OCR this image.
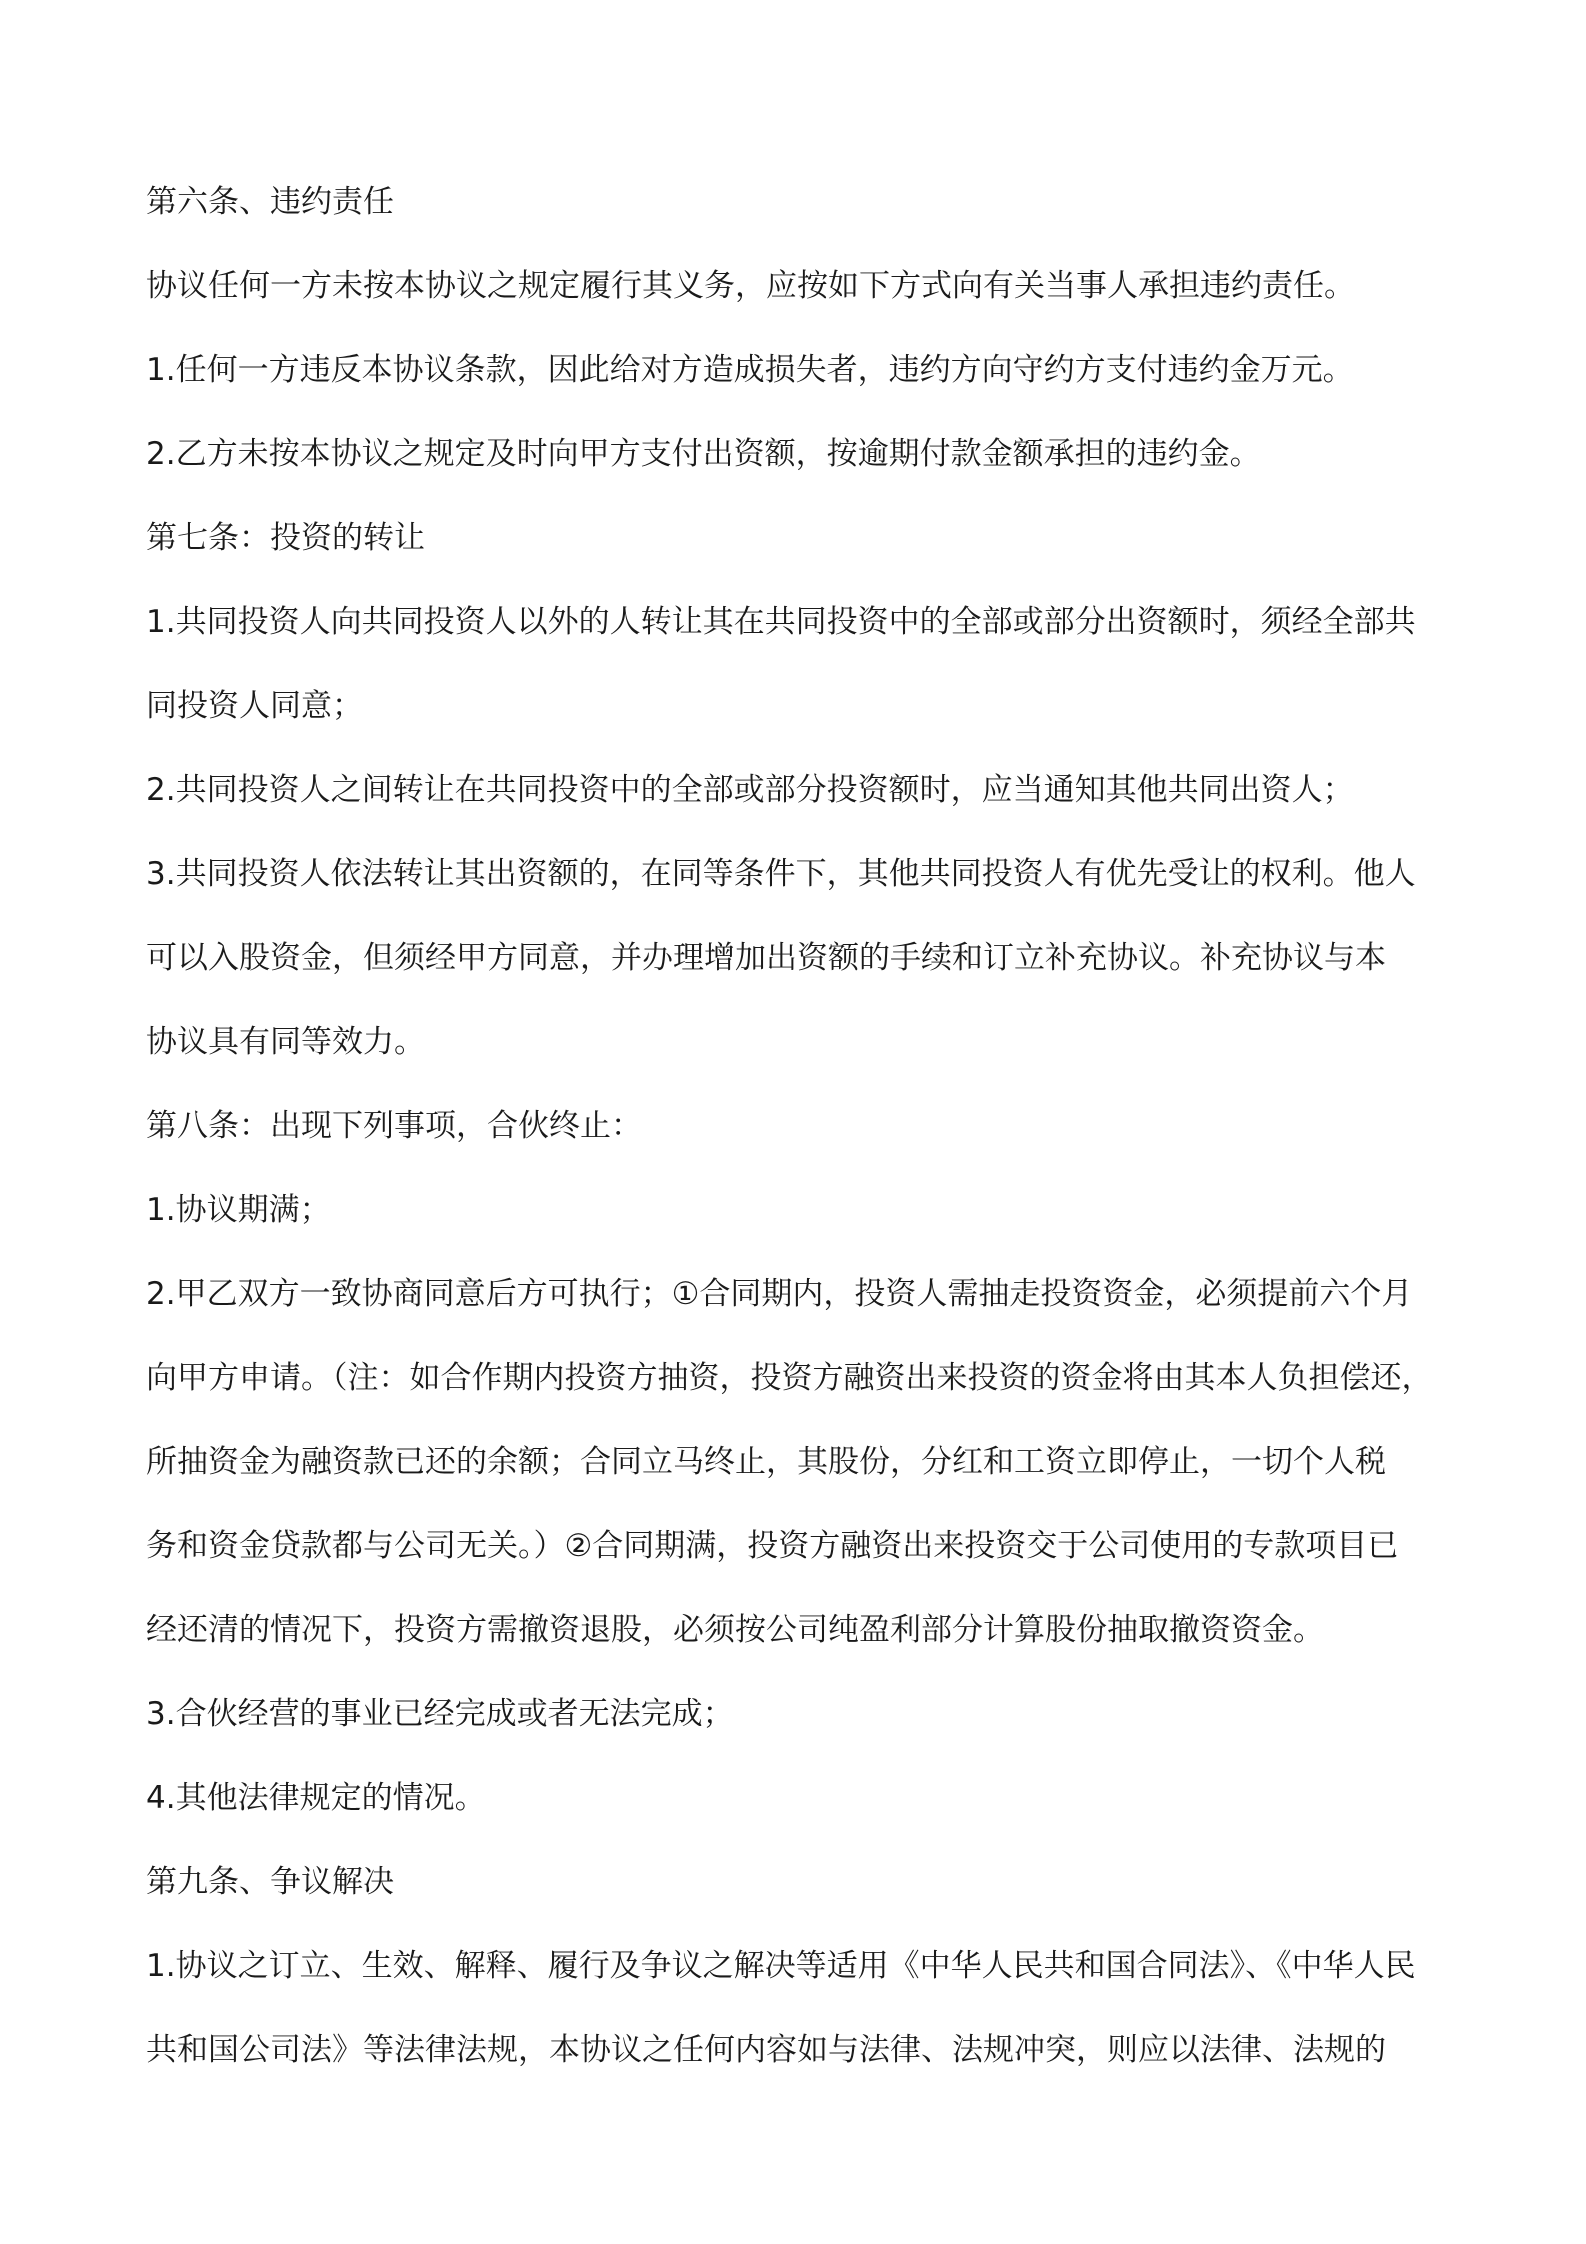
第六条、违约责任
协议任何一方未按本协议之规定履行其义务，应按如下方式向有关当事人承担违约责任。
1.任何一方违反本协议条款，因此给对方造成损失者，违约方向守约方支付违约金万元。
2.乙方未按本协议之规定及时向甲方支付出资额，按逾期付款金额承担的违约金。
第七条：投资的转让
1.共同投资人向共同投资人以外的人转让其在共同投资中的全部或部分出资额时，须经全部共
同投资人同意；
2.共同投资人之间转让在共同投资中的全部或部分投资额时，应当通知其他共同出资人；
3.共同投资人依法转让其出资额的，在同等条件下，其他共同投资人有优先受让的权利。他人
可以入股资金，但须经甲方同意，并办理增加出资额的手续和订立补充协议。补充协议与本
协议具有同等效力。
第八条：出现下列事项，合伙终止：
1.协议期满；
2.甲乙双方一致协商同意后方可执行；①合同期内，投资人需抽走投资资金，必须提前六个月
向甲方申请。（注：如合作期内投资方抽资，投资方融资出来投资的资金将由其本人负担偿还，
所抽资金为融资款已还的余额；合同立马终止，其股份，分红和工资立即停止，一切个人税
务和资金贷款都与公司无关。）②合同期满，投资方融资出来投资交于公司使用的专款项目已
经还清的情况下，投资方需撤资退股，必须按公司纯盈利部分计算股份抽取撤资资金。
3.合伙经营的事业已经完成或者无法完成；
4.其他法律规定的情况。
第九条、争议解决
1.协议之订立、生效、解释、履行及争议之解决等适用《中华人民共和国合同法》、《中华人民
共和国公司法》等法律法规，本协议之任何内容如与法律、法规冲突，则应以法律、法规的
